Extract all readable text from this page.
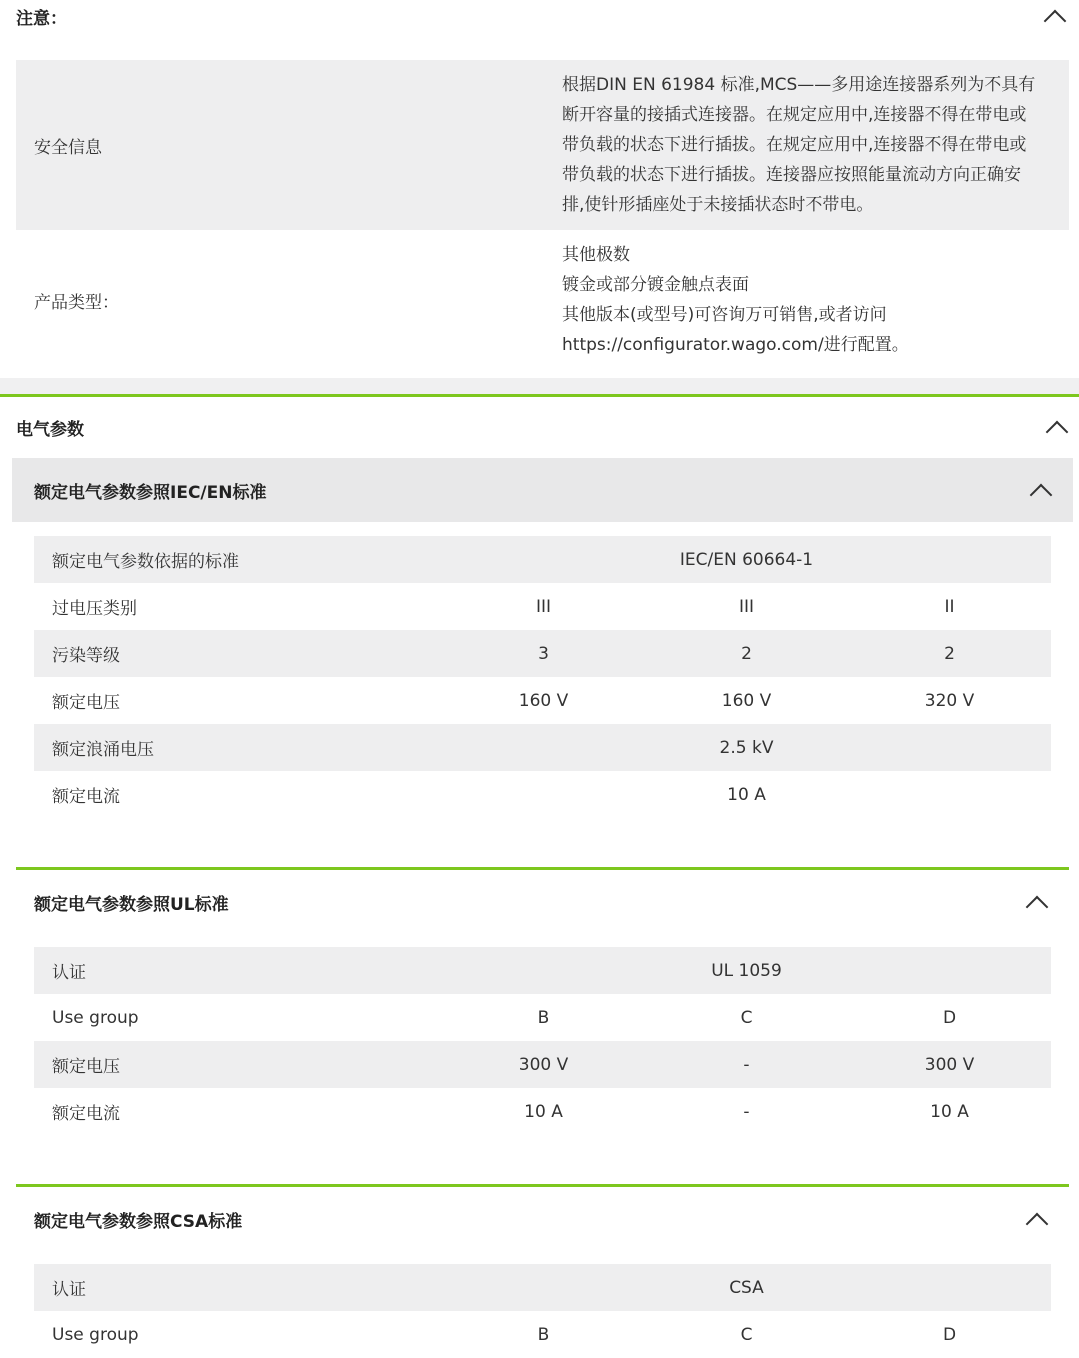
注意：
安全信息	根据DIN EN 61984 标准,MCS——多用途连接器系列为不具有
断开容量的接插式连接器。在规定应用中,连接器不得在带电或
带负载的状态下进行插拔。在规定应用中,连接器不得在带电或
带负载的状态下进行插拔。连接器应按照能量流动方向正确安
排,使针形插座处于未接插状态时不带电。

产品类型：	其他极数
镀金或部分镀金触点表面
其他版本(或型号)可咨询万可销售,或者访问
https://configurator.wago.com/进行配置。
电气参数
额定电气参数参照IEC/EN标准
额定电气参数依据的标准	IEC/EN 60664-1		
过电压类别	III	III	II
污染等级	3	2	2
额定电压	160 V	160 V	320 V
额定浪涌电压	2.5 kV		
额定电流	10 A		
额定电气参数参照UL标准
认证	UL 1059		
Use group	B	C	D
额定电压	300 V	-	300 V
额定电流	10 A	-	10 A
额定电气参数参照CSA标准
认证	CSA		
Use group	B	C	D
